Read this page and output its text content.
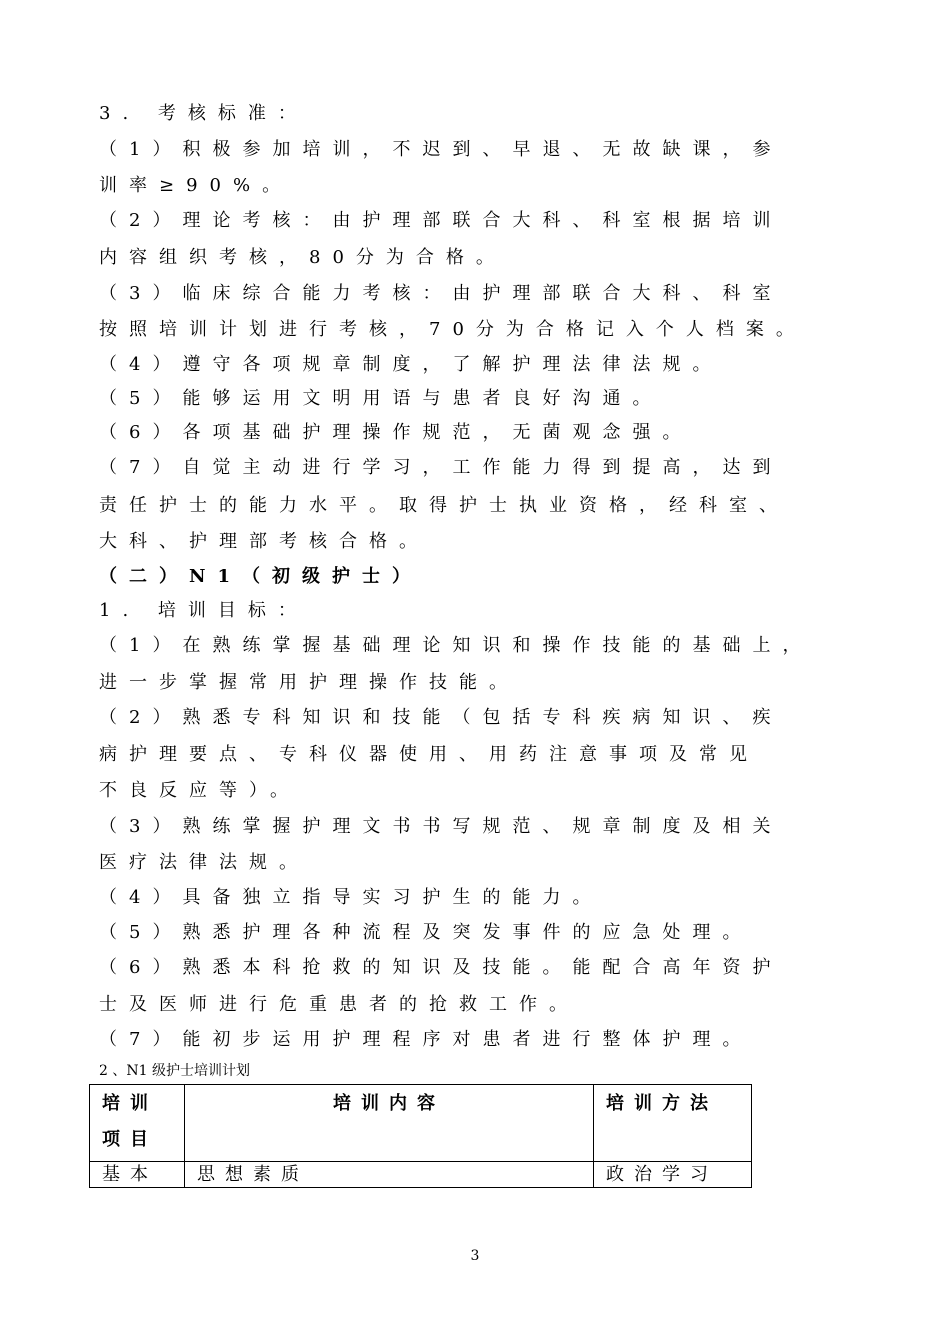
3. 考核标准：
（1）积极参加培训，不迟到、早退、无故缺课，参
训率≥90%。
（2）理论考核：由护理部联合大科、科室根据培训
内容组织考核，80分为合格。
（3）临床综合能力考核：由护理部联合大科、科室
按照培训计划进行考核，70分为合格记入个人档案。
（4）遵守各项规章制度，了解护理法律法规。
（5）能够运用文明用语与患者良好沟通。
（6）各项基础护理操作规范，无菌观念强。
（7）自觉主动进行学习，工作能力得到提高，达到
责任护士的能力水平。取得护士执业资格，经科室、
大科、护理部考核合格。
（二）N1（初级护士）
1. 培训目标：
（1）在熟练掌握基础理论知识和操作技能的基础上，
进一步掌握常用护理操作技能。
（2）熟悉专科知识和技能（包括专科疾病知识、疾
病护理要点、专科仪器使用、用药注意事项及常见
不良反应等）。
（3）熟练掌握护理文书书写规范、规章制度及相关
医疗法律法规。
（4）具备独立指导实习护生的能力。
（5）熟悉护理各种流程及突发事件的应急处理。
（6）熟悉本科抢救的知识及技能。能配合高年资护
士及医师进行危重患者的抢救工作。
（7）能初步运用护理程序对患者进行整体护理。
2 、N1 级护士培训计划
培训
项目	培训内容	培训方法

基本	思想素质	政治学习
3
